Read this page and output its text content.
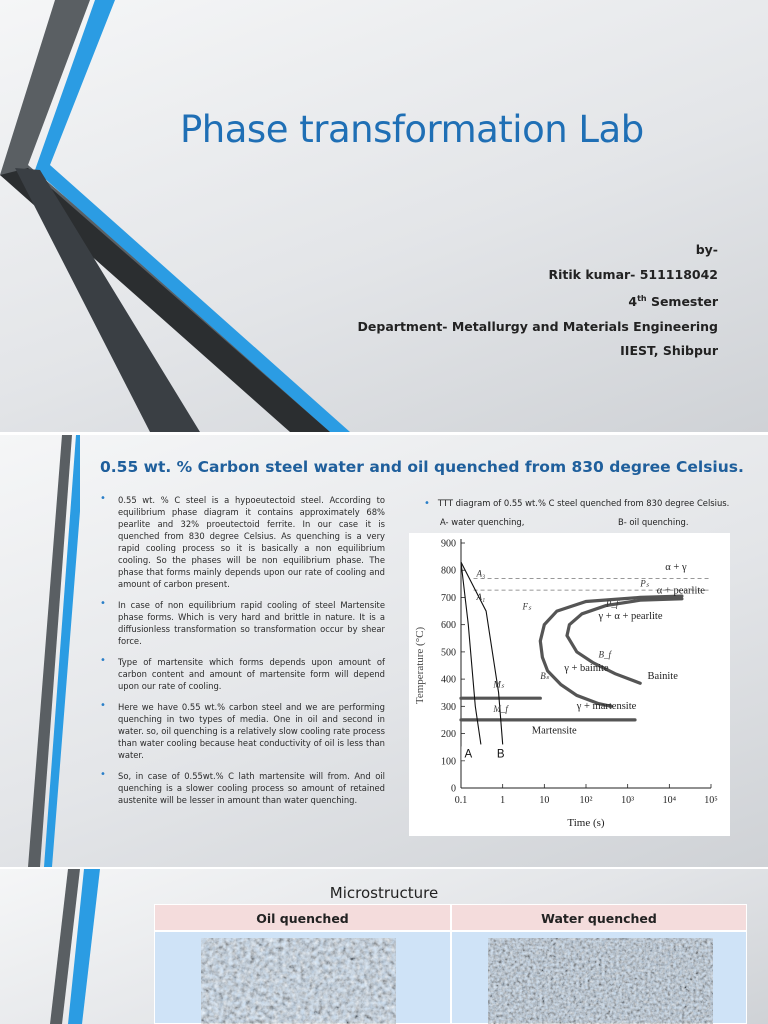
Phase transformation Lab
by-
Ritik kumar- 511118042
4th Semester
Department- Metallurgy and Materials Engineering
IIEST, Shibpur
0.55 wt. % Carbon steel water and oil quenched from 830 degree Celsius.
• 0.55 wt. % C steel is a hypoeutectoid steel. According to equilibrium phase diagram it contains approximately 68% pearlite and 32% proeutectoid ferrite. In our case it is quenched from 830 degree Celsius. As quenching is a very rapid cooling process so it is basically a non equilibrium cooling. So the phases will be non equilibrium phase. The phase that forms mainly depends upon our rate of cooling and amount of carbon present.
• In case of non equilibrium rapid cooling of steel Martensite phase forms. Which is very hard and brittle in nature. It is a diffusionless transformation so transformation occur by shear force.
• Type of martensite which forms depends upon amount of carbon content and amount of martensite form will depend upon our rate of cooling.
• Here we have 0.55 wt.% carbon steel and we are performing quenching in two types of media. One in oil and second in water. so, oil quenching is a relatively slow cooling rate process than water cooling because heat conductivity of oil is less than water.
• So, in case of 0.55wt.% C lath martensite will from. And oil quenching is a slower cooling process so amount of retained austenite will be lesser in amount than water quenching.
• TTT diagram of 0.55 wt.% C steel quenched from 830 degree Celsius.
A- water quenching,	B- oil quenching.
0
100
200
300
400
500
600
700
800
900
0.1	1	10	10²	10³	10⁴	10⁵
Time (s)
Temperature (°C)
A₃
A₁
α + γ
α + pearlite
γ + α + pearlite
γ + bainite
Bainite
γ + martensite
Martensite
Pₛ
P_f
Fₛ
B_f
Bₛ
Mₛ
M_f
A B
Microstructure
Oil quenched	Water quenched
